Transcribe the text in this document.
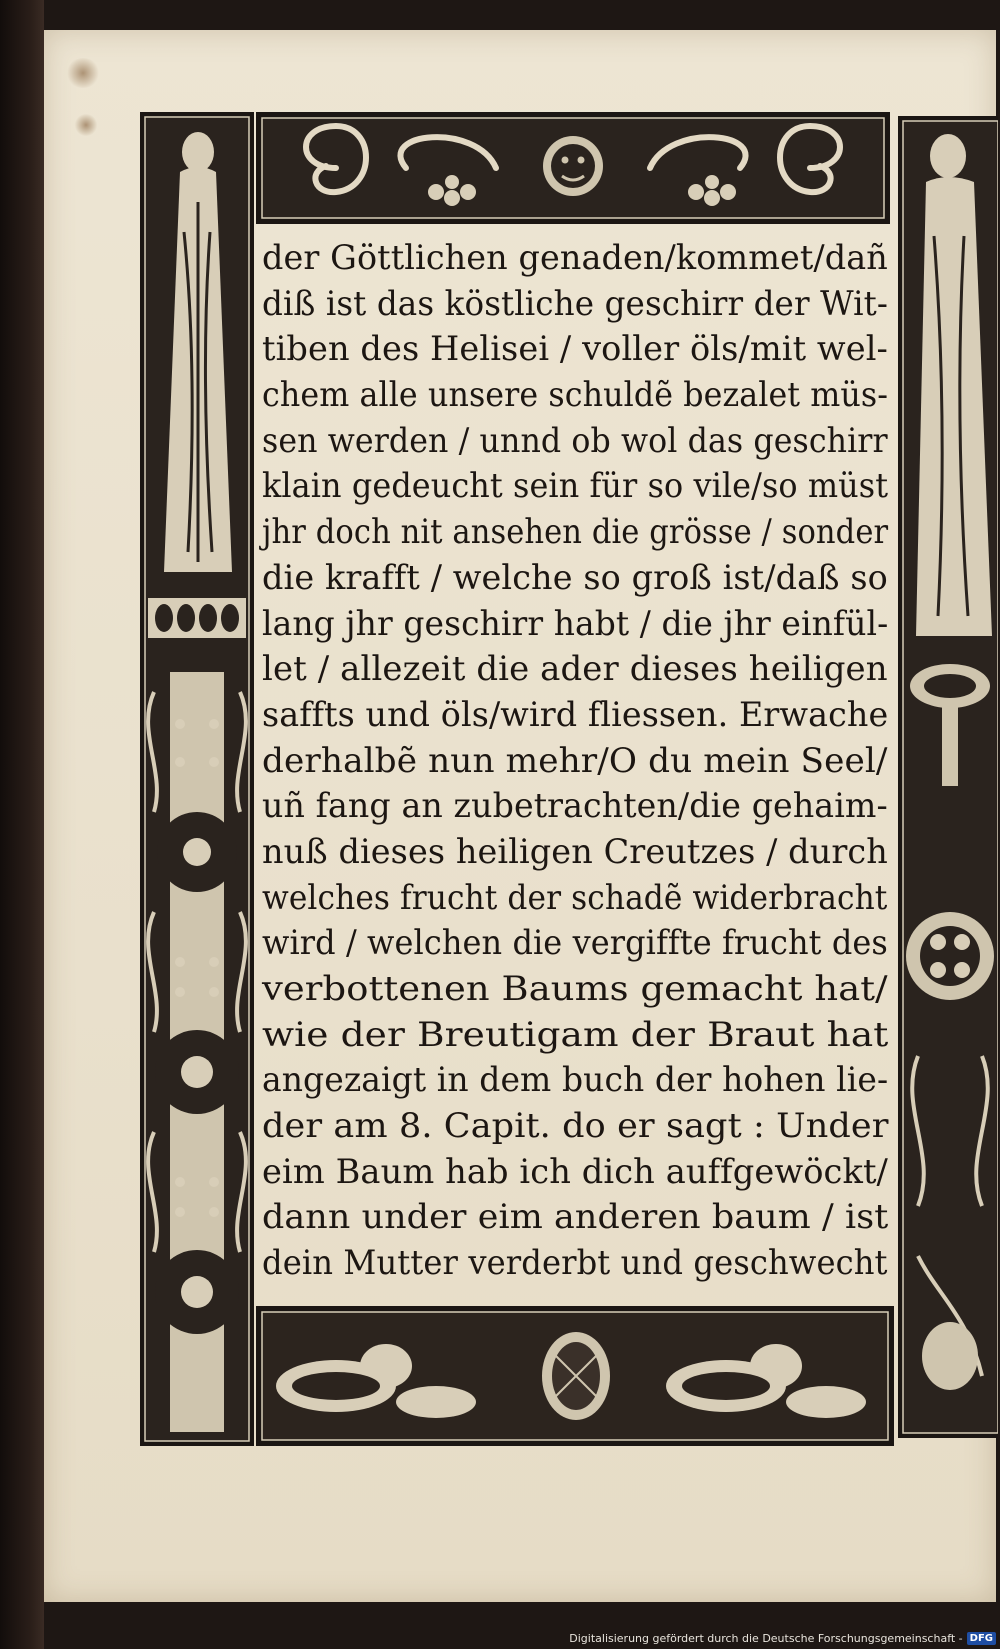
der Göttlichen genaden/kommet/dañ
diß ist das köstliche geschirr der Wit-
tiben des Helisei / voller öls/mit wel-
chem alle unsere schuldẽ bezalet müs-
sen werden / unnd ob wol das geschirr
klain gedeucht sein für so vile/so müst
jhr doch nit ansehen die grösse / sonder
die krafft / welche so groß ist/daß so
lang jhr geschirr habt / die jhr einfül-
let / allezeit die ader dieses heiligen
saffts und öls/wird fliessen. Erwache
derhalbẽ nun mehr/O du mein Seel/
uñ fang an zubetrachten/die gehaim-
nuß dieses heiligen Creutzes / durch
welches frucht der schadẽ widerbracht
wird / welchen die vergiffte frucht des
verbottenen Baums gemacht hat/
wie der Breutigam der Braut hat
angezaigt in dem buch der hohen lie-
der am 8. Capit. do er sagt : Under
eim Baum hab ich dich auffgewöckt/
dann under eim anderen baum / ist
dein Mutter verderbt und geschwecht
Digitalisierung gefördert durch die Deutsche Forschungsgemeinschaft - DFG
